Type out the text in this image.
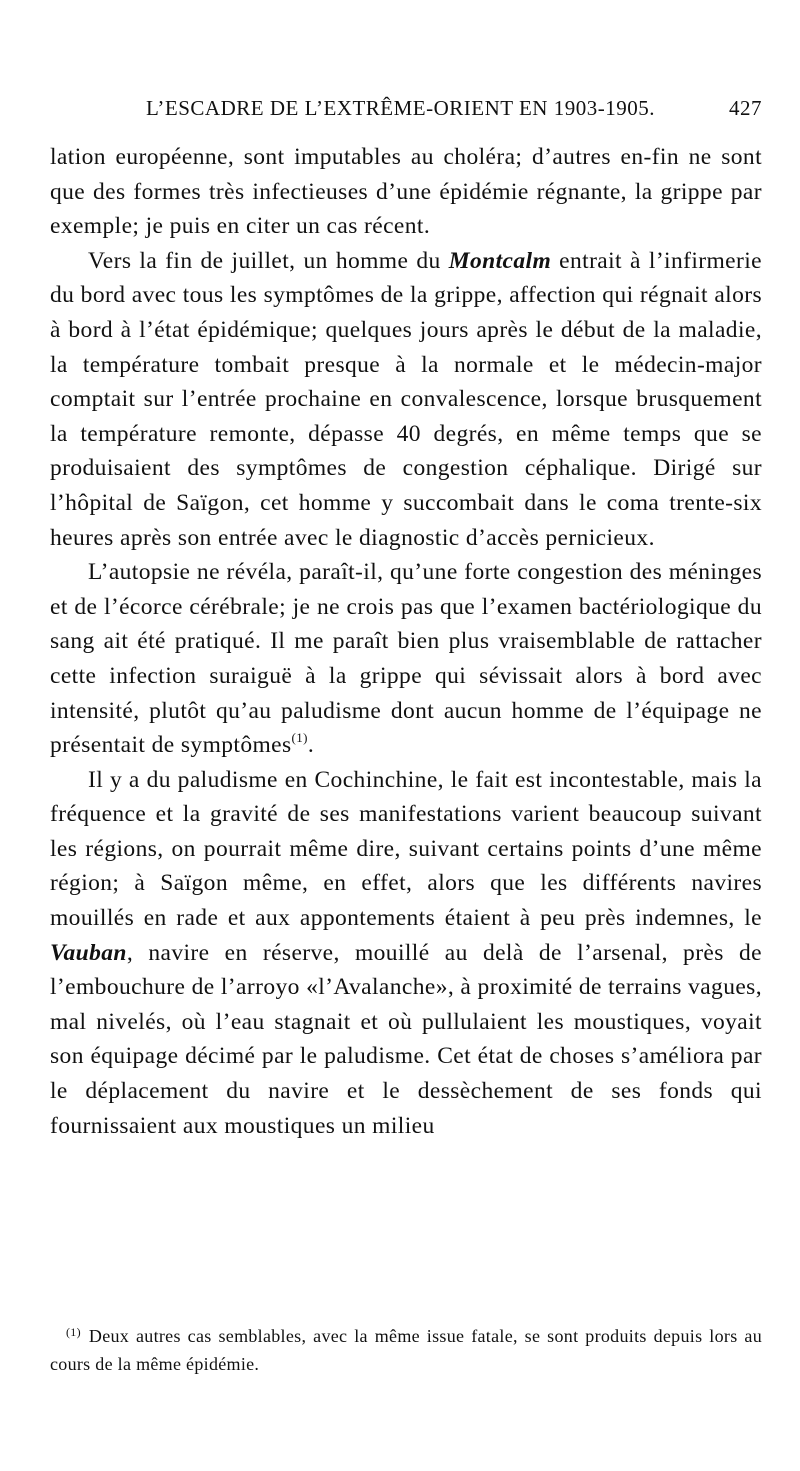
L’ESCADRE DE L’EXTRÊME-ORIENT EN 1903-1905.	427

lation européenne, sont imputables au choléra; d’autres en-fin ne sont que des formes très infectieuses d’une épidémie régnante, la grippe par exemple; je puis en citer un cas récent.

Vers la fin de juillet, un homme du Montcalm entrait à l’infirmerie du bord avec tous les symptômes de la grippe, affection qui régnait alors à bord à l’état épidémique; quelques jours après le début de la maladie, la température tombait presque à la normale et le médecin-major comptait sur l’entrée prochaine en convalescence, lorsque brusquement la température remonte, dépasse 40 degrés, en même temps que se produisaient des symptômes de congestion céphalique. Dirigé sur l’hôpital de Saïgon, cet homme y succombait dans le coma trente-six heures après son entrée avec le diagnostic d’accès pernicieux.

L’autopsie ne révéla, paraît-il, qu’une forte congestion des méninges et de l’écorce cérébrale; je ne crois pas que l’examen bactériologique du sang ait été pratiqué. Il me paraît bien plus vraisemblable de rattacher cette infection suraiguë à la grippe qui sévissait alors à bord avec intensité, plutôt qu’au paludisme dont aucun homme de l’équipage ne présentait de symptômes$^{(1)}$.

Il y a du paludisme en Cochinchine, le fait est incontestable, mais la fréquence et la gravité de ses manifestations varient beaucoup suivant les régions, on pourrait même dire, suivant certains points d’une même région; à Saïgon même, en effet, alors que les différents navires mouillés en rade et aux appontements étaient à peu près indemnes, le Vauban, navire en réserve, mouillé au delà de l’arsenal, près de l’embouchure de l’arroyo «l’Avalanche», à proximité de terrains vagues, mal nivelés, où l’eau stagnait et où pullulaient les moustiques, voyait son équipage décimé par le paludisme. Cet état de choses s’améliora par le déplacement du navire et le dessèchement de ses fonds qui fournissaient aux moustiques un milieu

$^{(1)}$ Deux autres cas semblables, avec la même issue fatale, se sont produits depuis lors au cours de la même épidémie.
